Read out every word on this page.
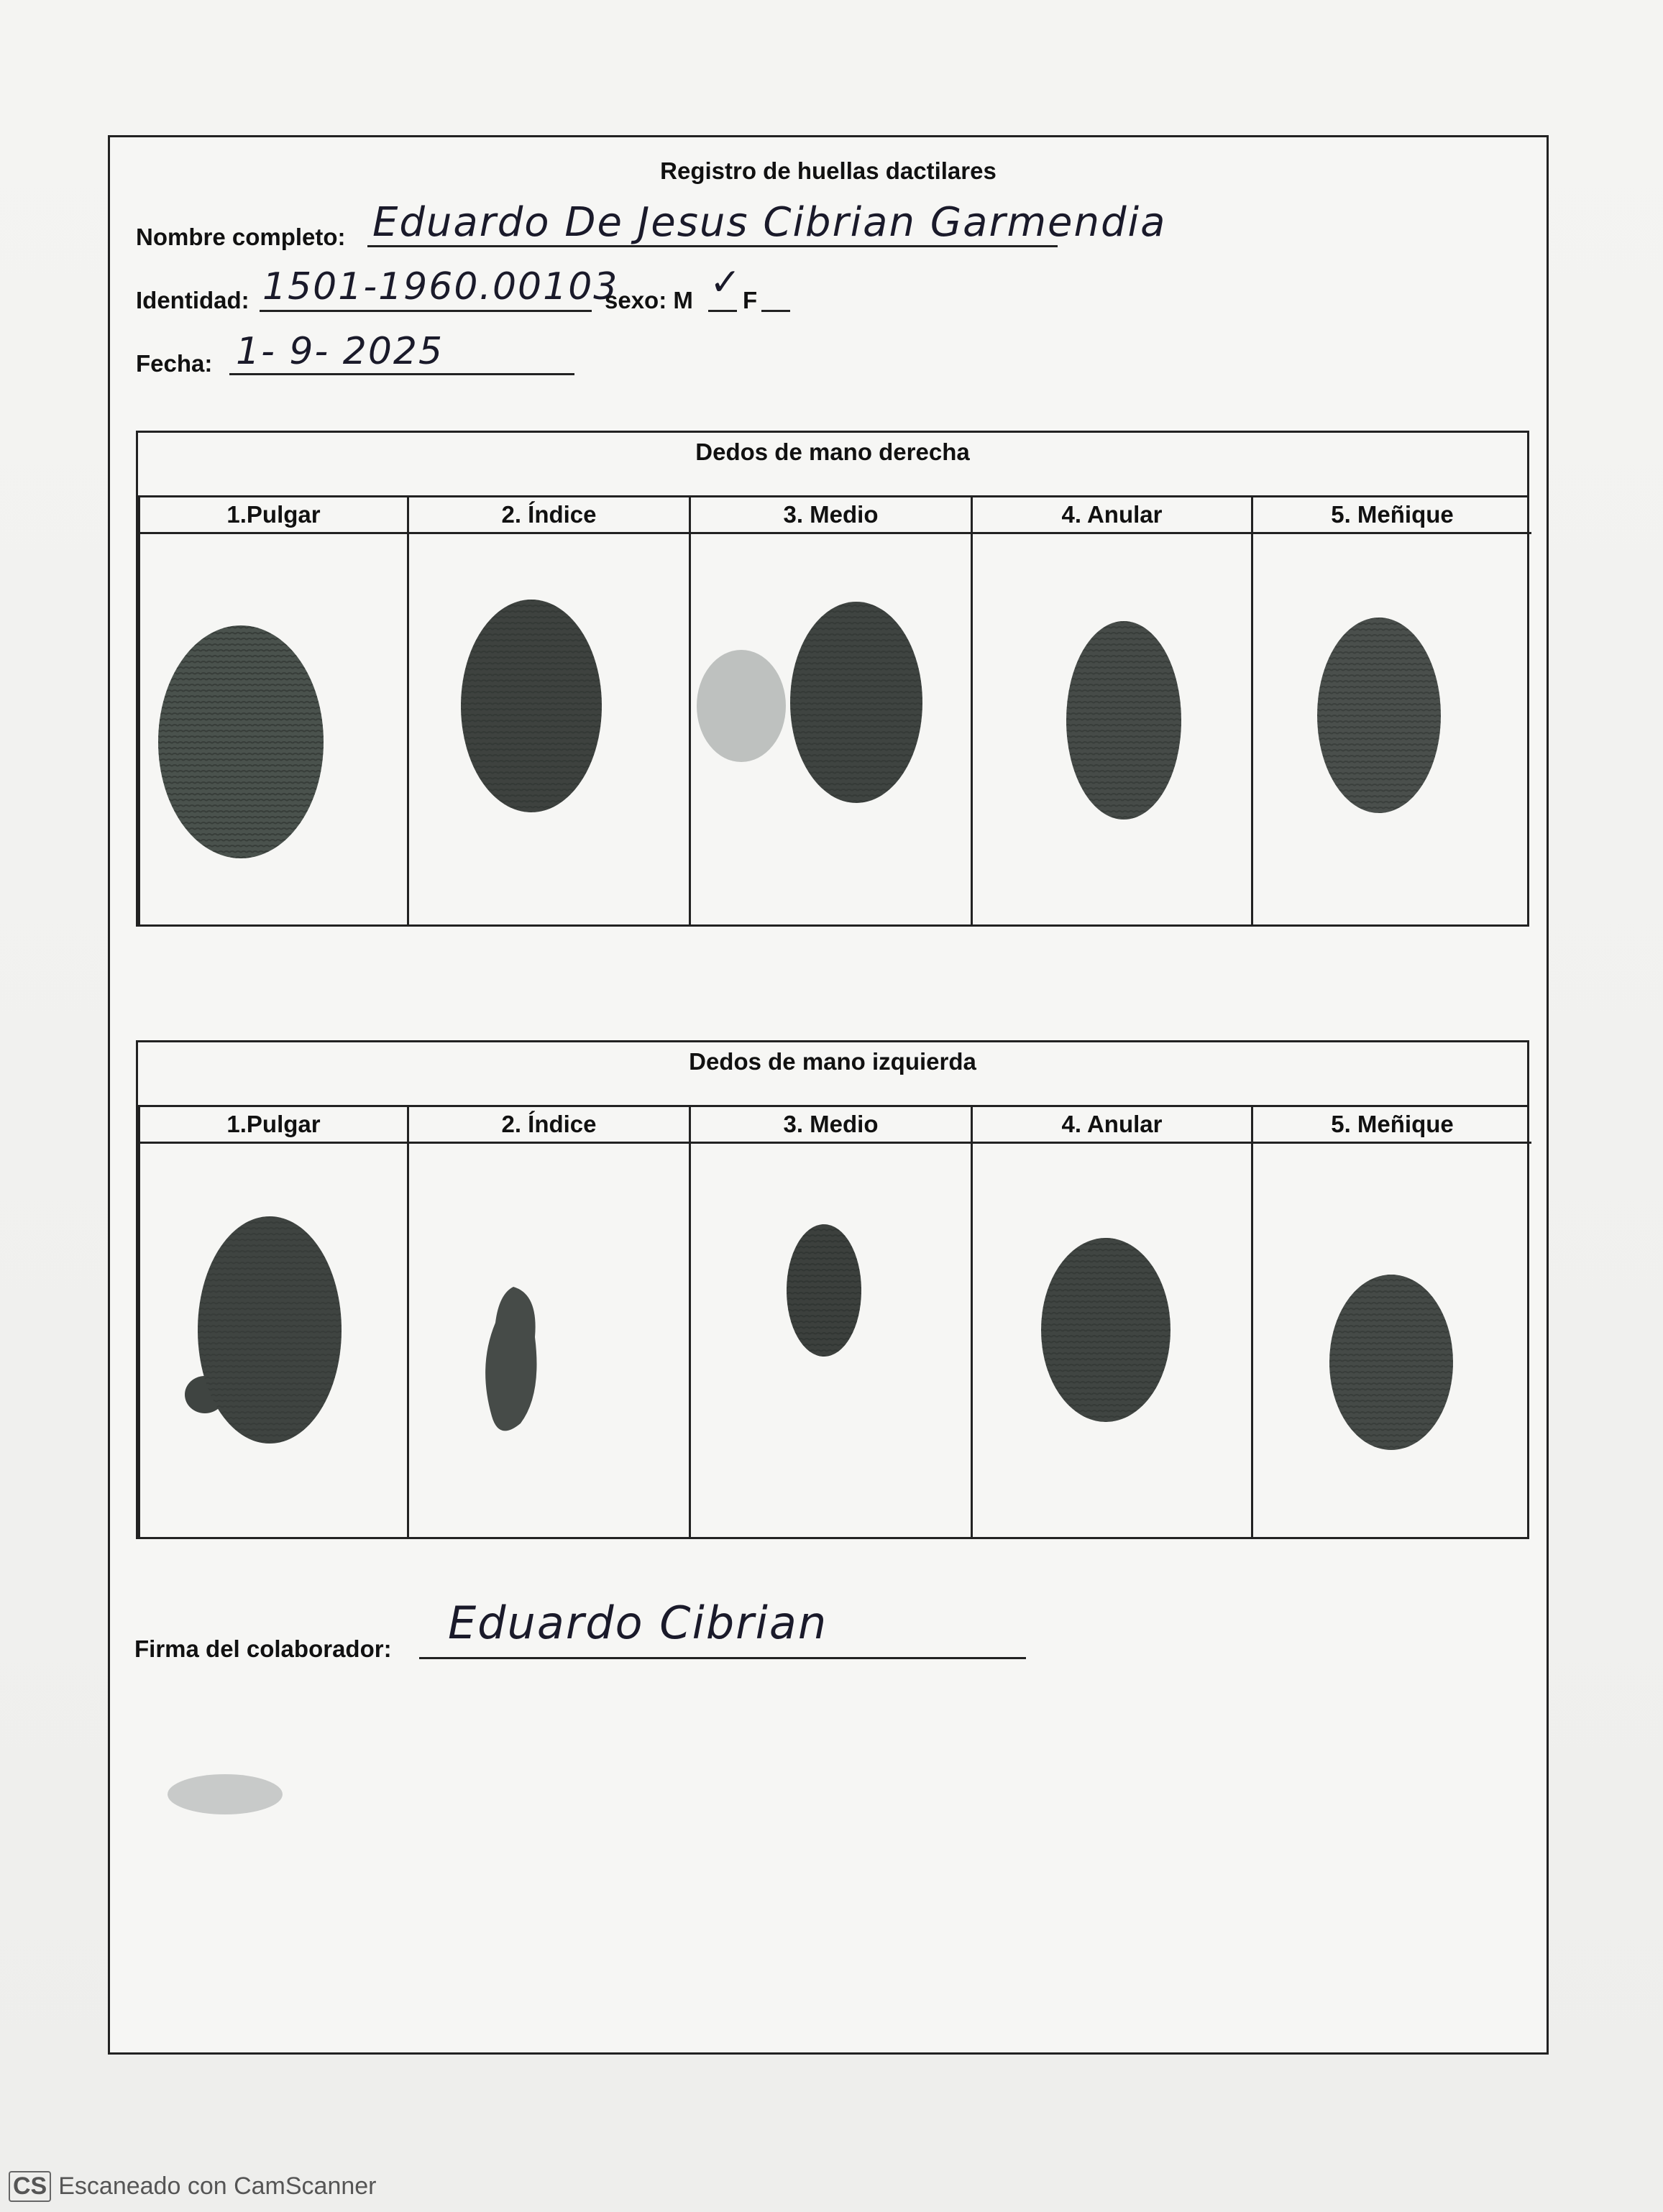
Registro de huellas dactilares
Nombre completo: Eduardo De Jesus Cibrian Garmendia
Identidad: 1501-1960.00103
sexo: M ✓ F
Fecha: 1- 9- 2025
Dedos de mano derecha
1.Pulgar	2. Índice	3. Medio	4. Anular	5. Meñique
Dedos de mano izquierda
1.Pulgar	2. Índice	3. Medio	4. Anular	5. Meñique
Firma del colaborador: Eduardo Cibrian
CS Escaneado con CamScanner
